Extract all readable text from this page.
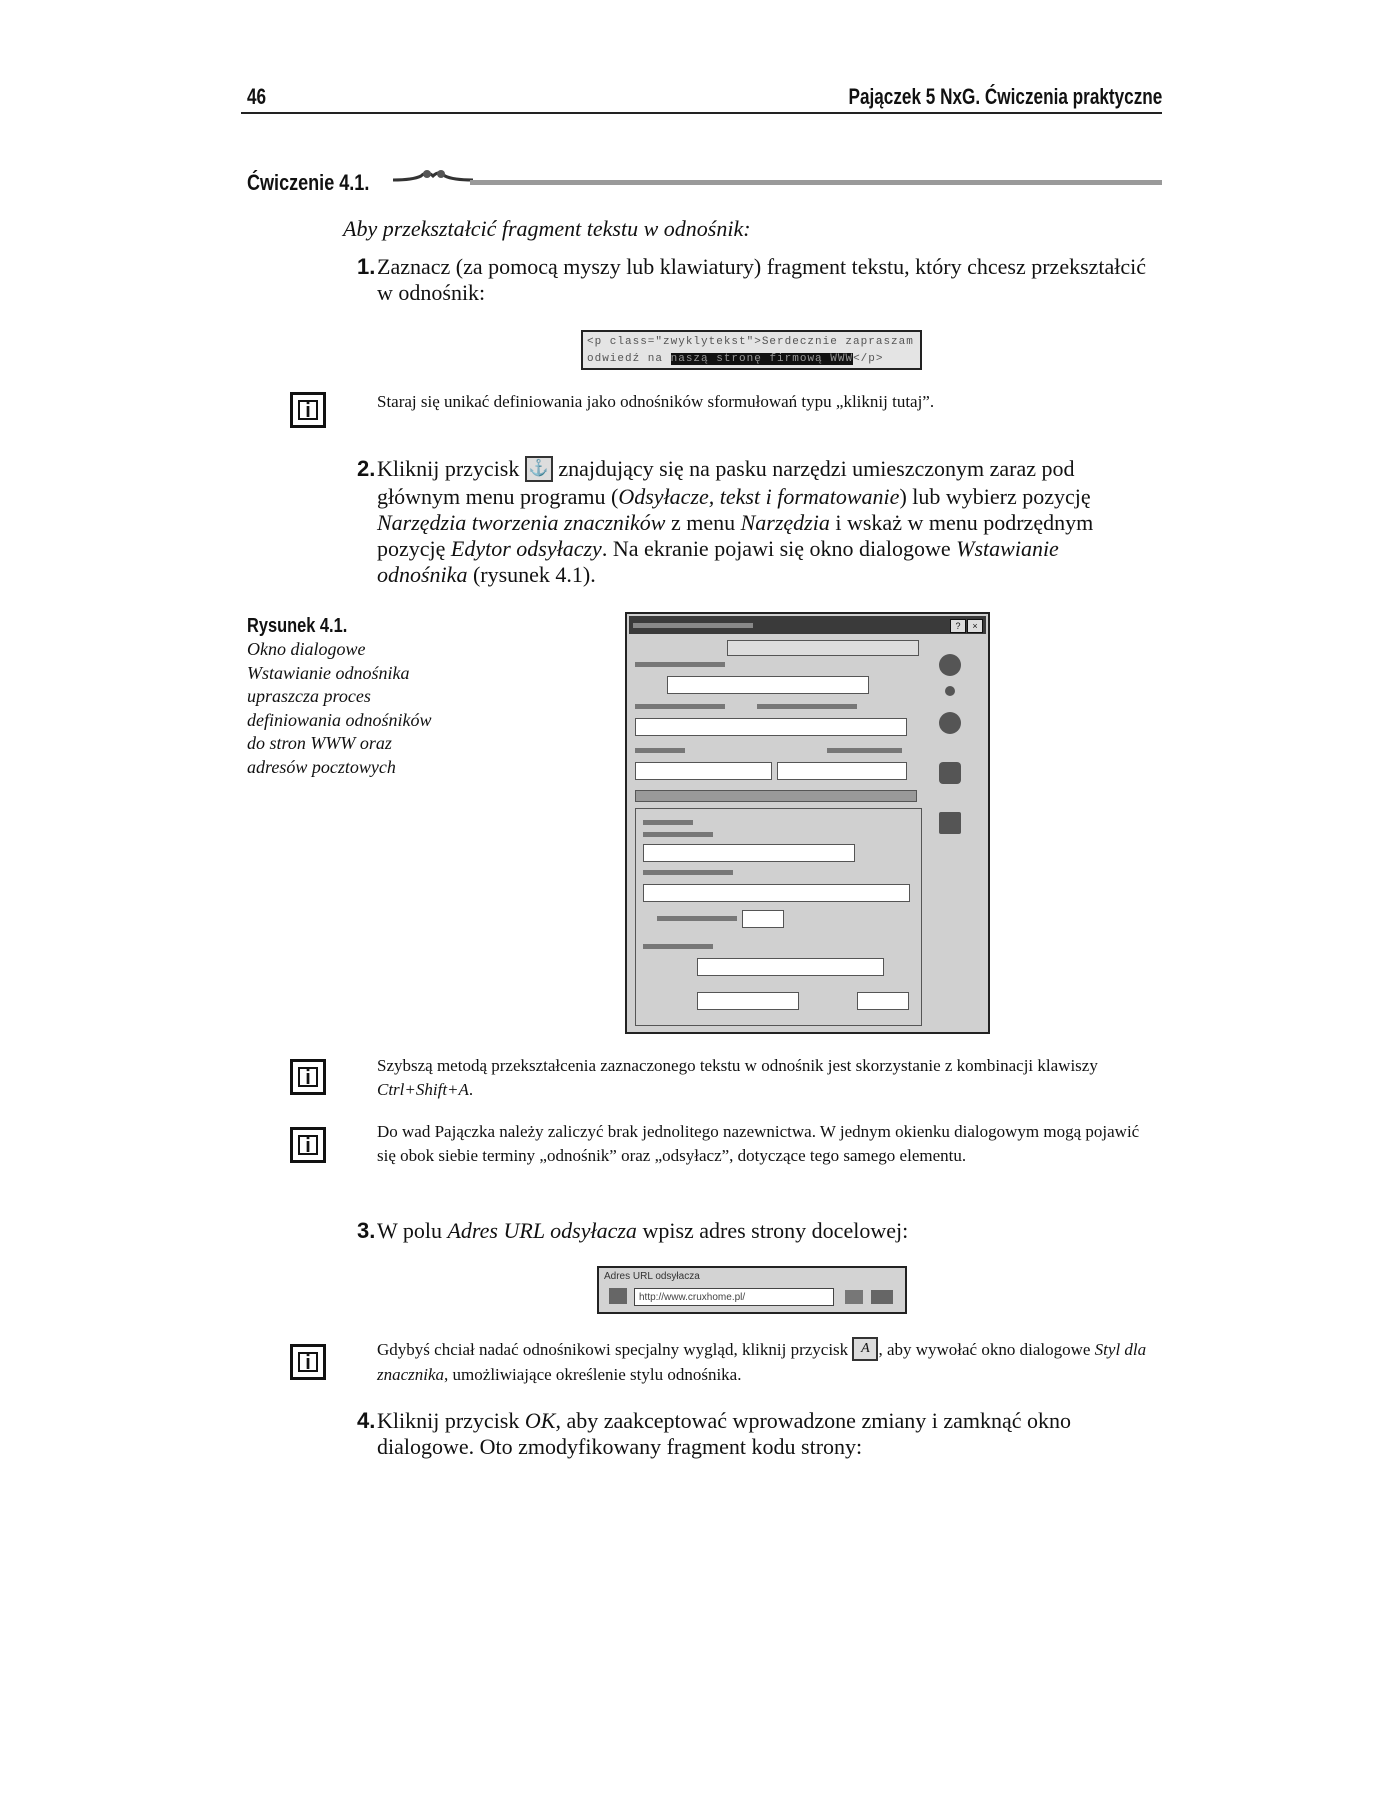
46	Pajączek 5 NxG. Ćwiczenia praktyczne
Ćwiczenie 4.1.
Aby przekształcić fragment tekstu w odnośnik:
1. Zaznacz (za pomocą myszy lub klawiatury) fragment tekstu, który chcesz przekształcić w odnośnik:
<p class="zwyklytekst">Serdecznie zapraszam
odwiedź na naszą stronę firmową WWW</p>
i	Staraj się unikać definiowania jako odnośników sformułowań typu „kliknij tutaj”.
2. Kliknij przycisk ⚓ znajdujący się na pasku narzędzi umieszczonym zaraz pod głównym menu programu (Odsyłacze, tekst i formatowanie) lub wybierz pozycję Narzędzia tworzenia znaczników z menu Narzędzia i wskaż w menu podrzędnym pozycję Edytor odsyłaczy. Na ekranie pojawi się okno dialogowe Wstawianie odnośnika (rysunek 4.1).
Rysunek 4.1.
Okno dialogowe Wstawianie odnośnika upraszcza proces definiowania odnośników do stron WWW oraz adresów pocztowych
?	×
i
Szybszą metodą przekształcenia zaznaczonego tekstu w odnośnik jest skorzystanie z kombinacji klawiszy Ctrl+Shift+A.
i
Do wad Pajączka należy zaliczyć brak jednolitego nazewnictwa. W jednym okienku dialogowym mogą pojawić się obok siebie terminy „odnośnik” oraz „odsyłacz”, dotyczące tego samego elementu.
3. W polu Adres URL odsyłacza wpisz adres strony docelowej:
Adres URL odsyłacza
http://www.cruxhome.pl/
i
Gdybyś chciał nadać odnośnikowi specjalny wygląd, kliknij przycisk A , aby wywołać okno dialogowe Styl dla znacznika, umożliwiające określenie stylu odnośnika.
4. Kliknij przycisk OK, aby zaakceptować wprowadzone zmiany i zamknąć okno dialogowe. Oto zmodyfikowany fragment kodu strony:
